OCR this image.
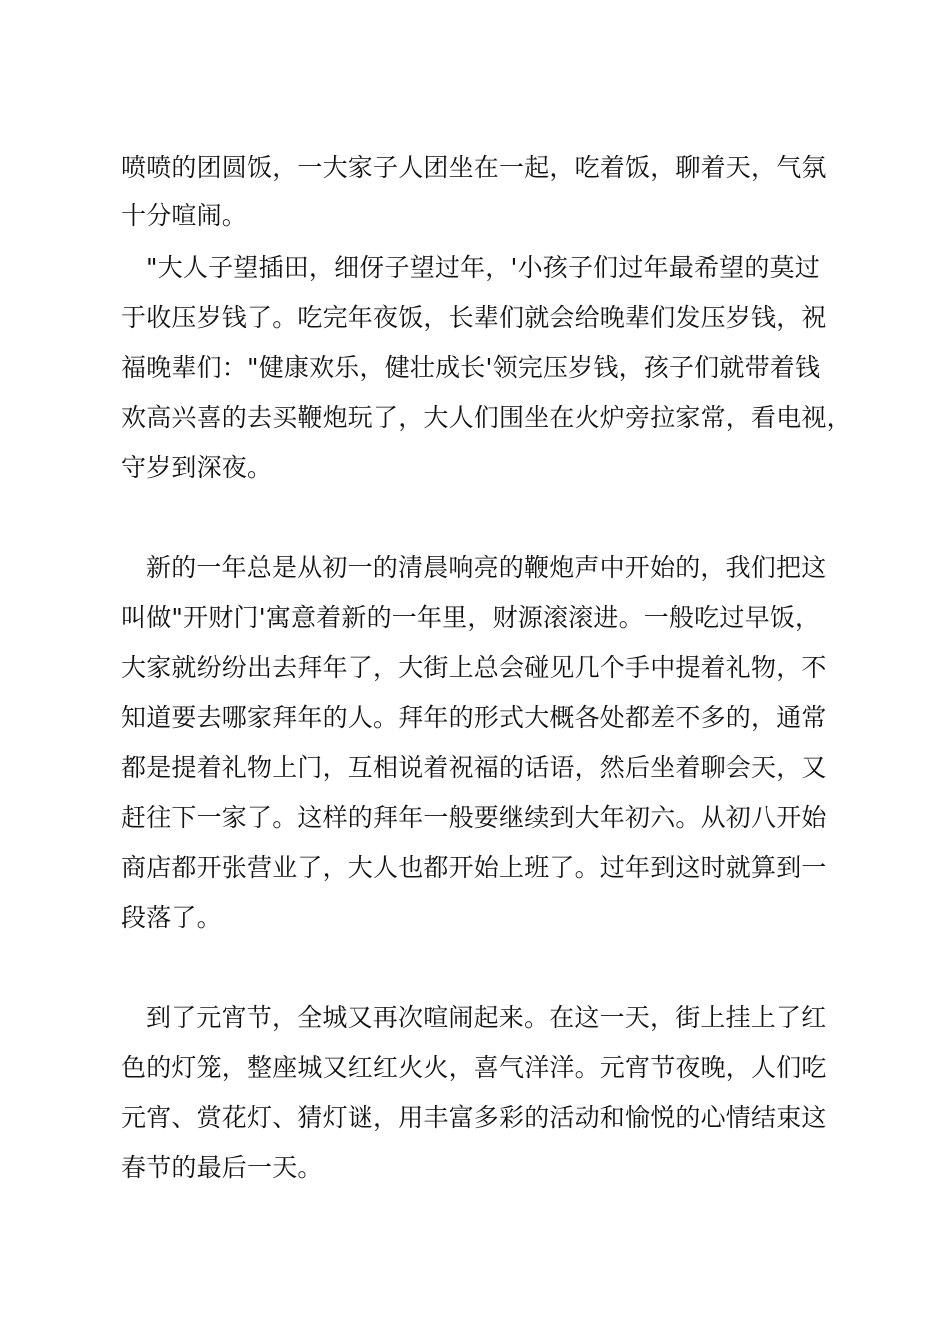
喷喷的团圆饭，一大家子人团坐在一起，吃着饭，聊着天，气氛
十分喧闹。
"大人子望插田，细伢子望过年，'小孩子们过年最希望的莫过
于收压岁钱了。吃完年夜饭，长辈们就会给晚辈们发压岁钱，祝
福晚辈们："健康欢乐，健壮成长'领完压岁钱，孩子们就带着钱
欢高兴喜的去买鞭炮玩了，大人们围坐在火炉旁拉家常，看电视，
守岁到深夜。
新的一年总是从初一的清晨响亮的鞭炮声中开始的，我们把这
叫做"开财门'寓意着新的一年里，财源滚滚进。一般吃过早饭，
大家就纷纷出去拜年了，大街上总会碰见几个手中提着礼物，不
知道要去哪家拜年的人。拜年的形式大概各处都差不多的，通常
都是提着礼物上门，互相说着祝福的话语，然后坐着聊会天，又
赶往下一家了。这样的拜年一般要继续到大年初六。从初八开始
商店都开张营业了，大人也都开始上班了。过年到这时就算到一
段落了。
到了元宵节，全城又再次喧闹起来。在这一天，街上挂上了红
色的灯笼，整座城又红红火火，喜气洋洋。元宵节夜晚，人们吃
元宵、赏花灯、猜灯谜，用丰富多彩的活动和愉悦的心情结束这
春节的最后一天。
